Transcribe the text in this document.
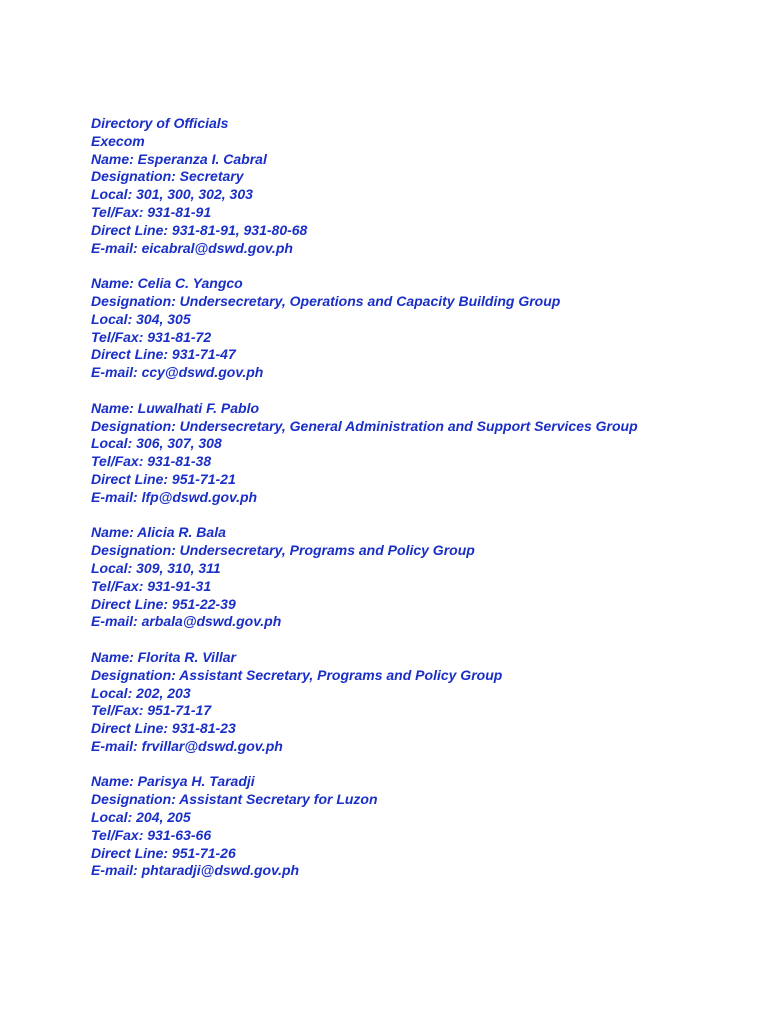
Directory of Officials
Execom
Name: Esperanza I. Cabral
Designation: Secretary
Local: 301, 300, 302, 303
Tel/Fax: 931-81-91
Direct Line: 931-81-91, 931-80-68
E-mail: eicabral@dswd.gov.ph
Name: Celia C. Yangco
Designation: Undersecretary, Operations and Capacity Building Group
Local: 304, 305
Tel/Fax: 931-81-72
Direct Line: 931-71-47
E-mail: ccy@dswd.gov.ph
Name: Luwalhati F. Pablo
Designation: Undersecretary, General Administration and Support Services Group
Local: 306, 307, 308
Tel/Fax: 931-81-38
Direct Line: 951-71-21
E-mail: lfp@dswd.gov.ph
Name: Alicia R. Bala
Designation: Undersecretary, Programs and Policy Group
Local: 309, 310, 311
Tel/Fax: 931-91-31
Direct Line: 951-22-39
E-mail: arbala@dswd.gov.ph
Name: Florita R. Villar
Designation: Assistant Secretary, Programs and Policy Group
Local: 202, 203
Tel/Fax: 951-71-17
Direct Line: 931-81-23
E-mail: frvillar@dswd.gov.ph
Name: Parisya H. Taradji
Designation: Assistant Secretary for Luzon
Local: 204, 205
Tel/Fax: 931-63-66
Direct Line: 951-71-26
E-mail: phtaradji@dswd.gov.ph
